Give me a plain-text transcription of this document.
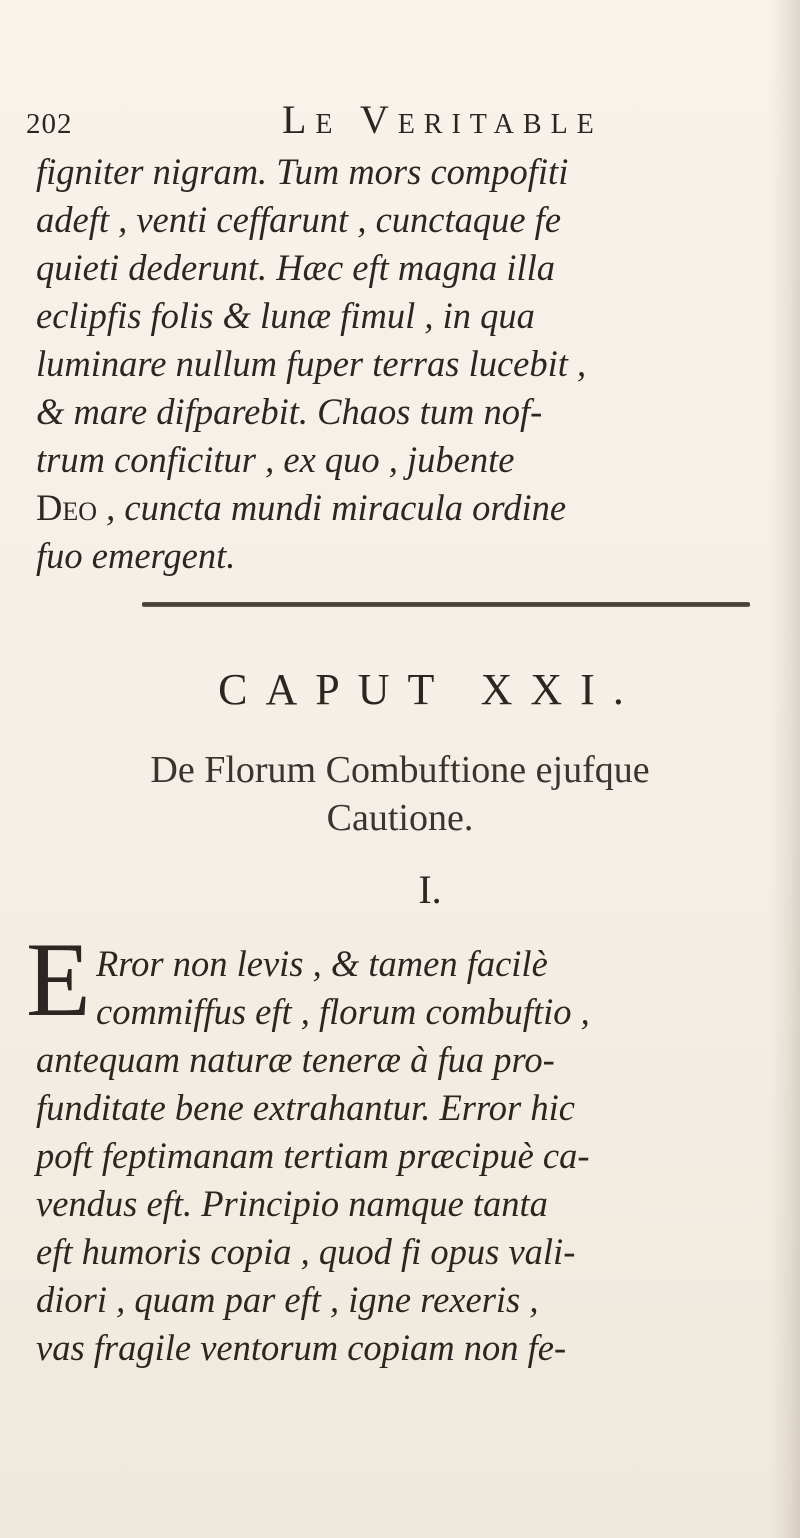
202	Le Veritable
figniter nigram. Tum mors compofiti
adeft , venti ceffarunt , cunctaque fe
quieti dederunt. Hæc eft magna illa
eclipfis folis & lunæ fimul , in qua
luminare nullum fuper terras lucebit ,
& mare difparebit. Chaos tum nof-
trum conficitur , ex quo , jubente
Deo , cuncta mundi miracula ordine
fuo emergent.
CAPUT XXI.
De Florum Combuftione ejufque
Cautione.
I.
E Rror non levis , & tamen facilè
commiffus eft , florum combuftio ,
antequam naturæ teneræ à fua pro-
funditate bene extrahantur. Error hic
poft feptimanam tertiam præcipuè ca-
vendus eft. Principio namque tanta
eft humoris copia , quod fi opus vali-
diori , quam par eft , igne rexeris ,
vas fragile ventorum copiam non fe-
